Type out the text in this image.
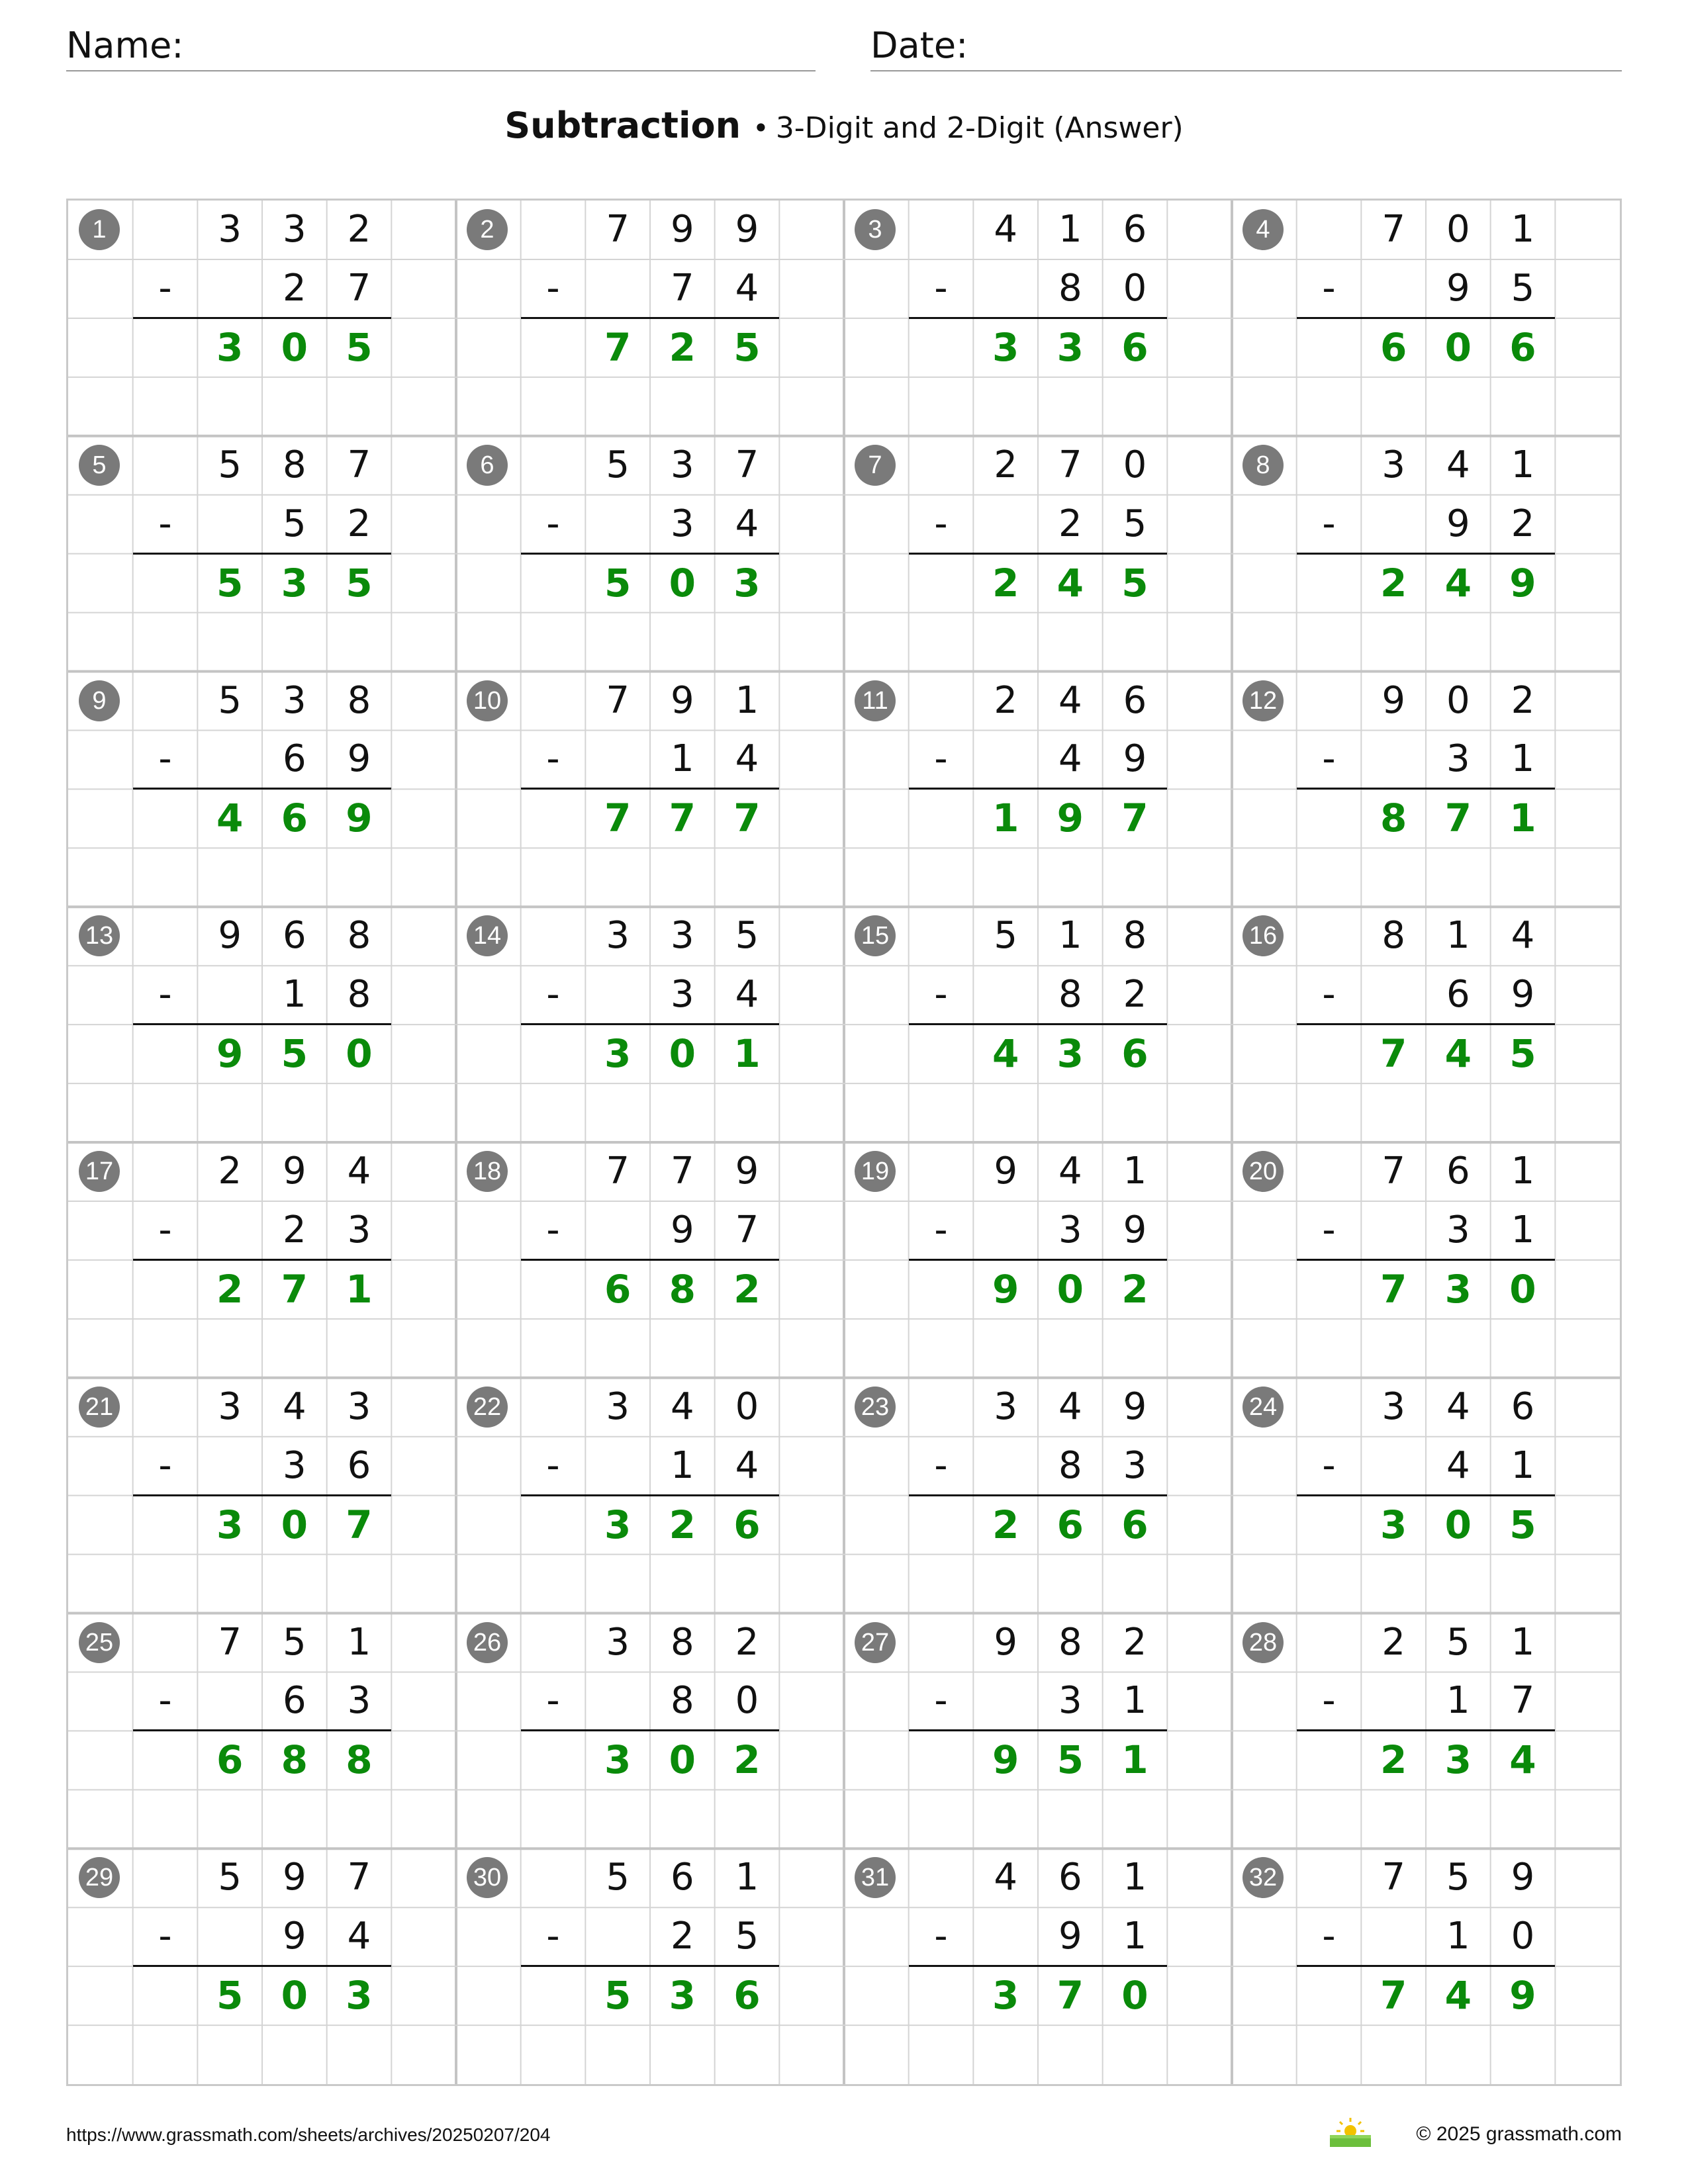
Name:	Date:
Subtraction • 3-Digit and 2-Digit (Answer)
1	3	3	2
-	2	7
3 0 5
2	7	9	9
-	7	4
7 2 5
3	4	1	6
-	8	0
3 3 6
4	7	0	1
-	9	5
6 0 6
5	5	8	7
-	5	2
5 3 5
6	5	3	7
-	3	4
5 0 3
7	2	7	0
-	2	5
2 4 5
8	3	4	1
-	9	2
2 4 9
9	5	3	8
-	6	9
4 6 9
10	7	9	1
-	1	4
7 7 7
11	2	4	6
-	4	9
1 9 7
12	9	0	2
-	3	1
8 7 1
13	9	6	8
-	1	8
9 5 0
14	3	3	5
-	3	4
3 0 1
15	5	1	8
-	8	2
4 3 6
16	8	1	4
-	6	9
7 4 5
17	2	9	4
-	2	3
2 7 1
18	7	7	9
-	9	7
6 8 2
19	9	4	1
-	3	9
9 0 2
20	7	6	1
-	3	1
7 3 0
21	3	4	3
-	3	6
3 0 7
22	3	4	0
-	1	4
3 2 6
23	3	4	9
-	8	3
2 6 6
24	3	4	6
-	4	1
3 0 5
25	7	5	1
-	6	3
6 8 8
26	3	8	2
-	8	0
3 0 2
27	9	8	2
-	3	1
9 5 1
28	2	5	1
-	1	7
2 3 4
29	5	9	7
-	9	4
5 0 3
30	5	6	1
-	2	5
5 3 6
31	4	6	1
-	9	1
3 7 0
32	7	5	9
-	1	0
7 4 9
https://www.grassmath.com/sheets/archives/20250207/204	© 2025 grassmath.com
